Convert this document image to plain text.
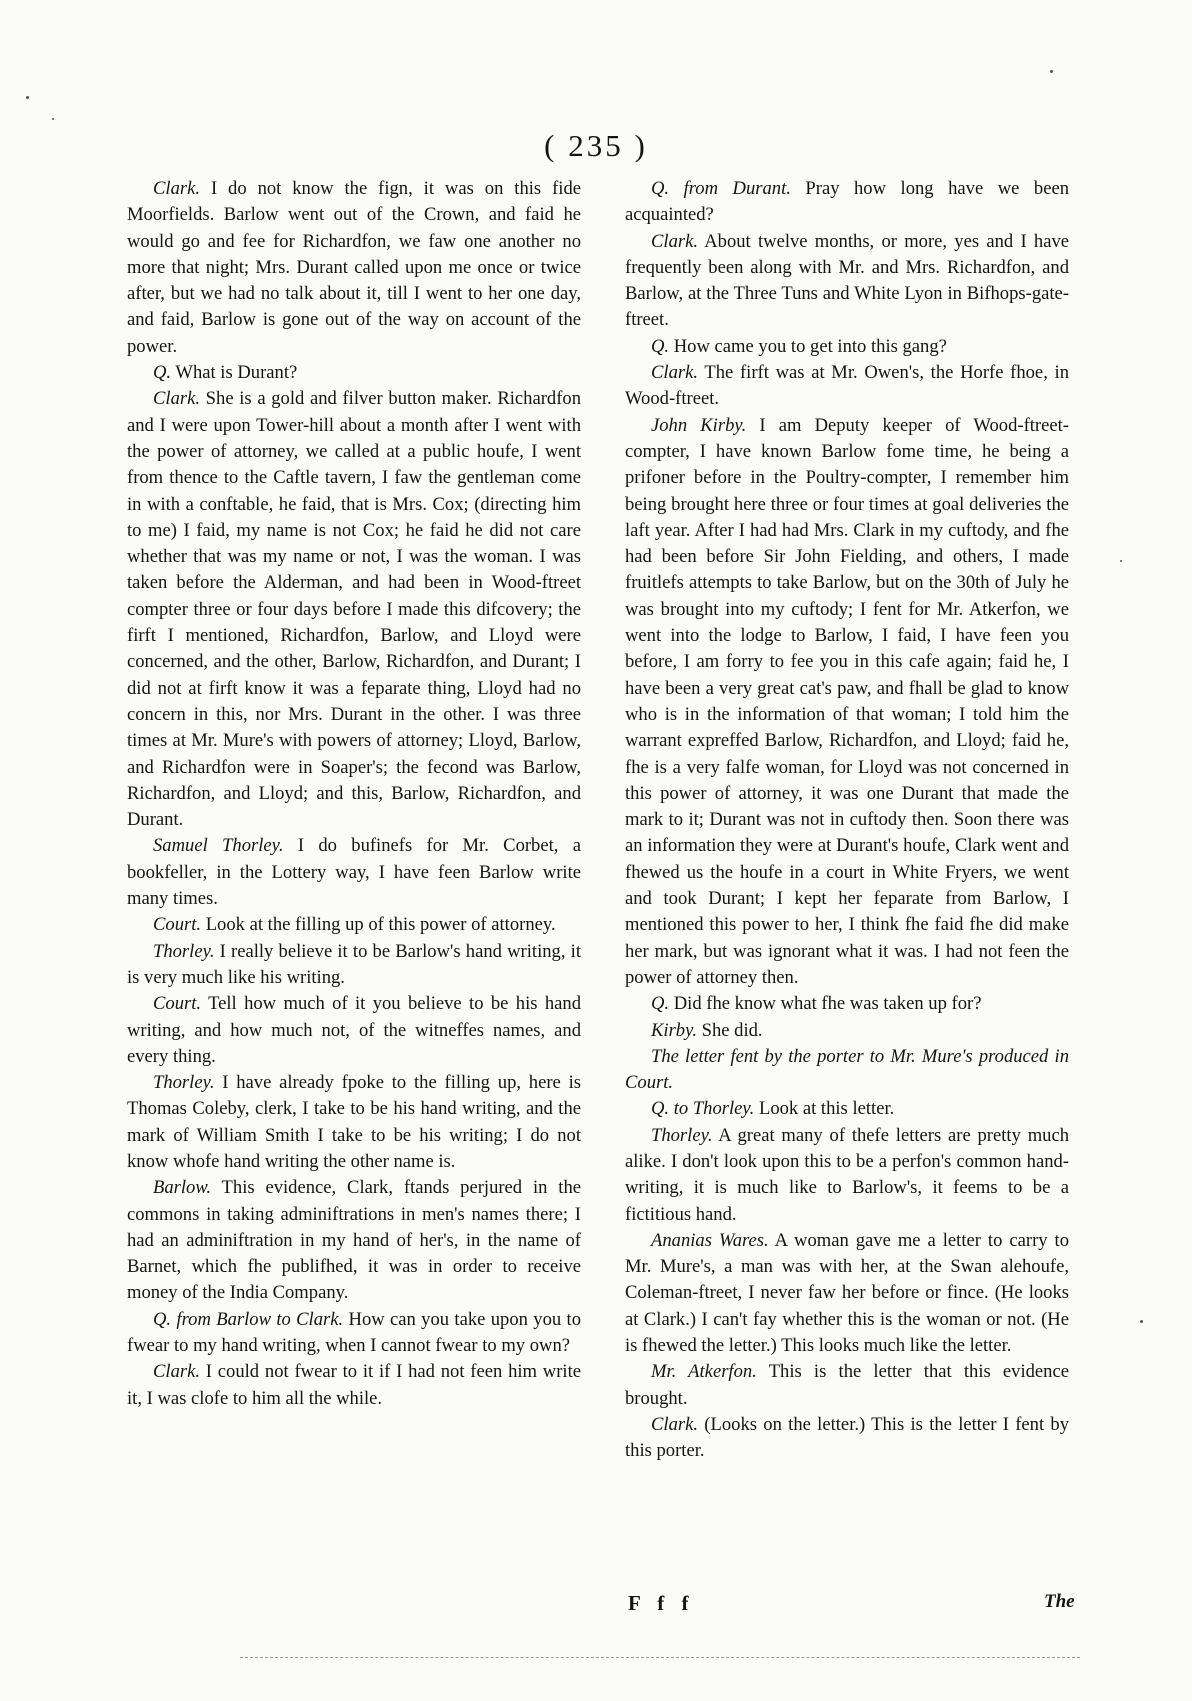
( 235 )

Clark. I do not know the fign, it was on this fide Moorfields. Barlow went out of the Crown, and faid he would go and fee for Richardfon, we faw one another no more that night; Mrs. Durant called upon me once or twice after, but we had no talk about it, till I went to her one day, and faid, Barlow is gone out of the way on account of the power.

Q. What is Durant?

Clark. She is a gold and filver button maker. Richardfon and I were upon Tower-hill about a month after I went with the power of attorney, we called at a public houfe, I went from thence to the Caftle tavern, I faw the gentleman come in with a conftable, he faid, that is Mrs. Cox; (directing him to me) I faid, my name is not Cox; he faid he did not care whether that was my name or not, I was the woman. I was taken before the Alderman, and had been in Wood-ftreet compter three or four days before I made this difcovery; the firft I mentioned, Richardfon, Barlow, and Lloyd were concerned, and the other, Barlow, Richardfon, and Durant; I did not at firft know it was a feparate thing, Lloyd had no concern in this, nor Mrs. Durant in the other. I was three times at Mr. Mure's with powers of attorney; Lloyd, Barlow, and Richardfon were in Soaper's; the fecond was Barlow, Richardfon, and Lloyd; and this, Barlow, Richardfon, and Durant.

Samuel Thorley. I do bufinefs for Mr. Corbet, a bookfeller, in the Lottery way, I have feen Barlow write many times.

Court. Look at the filling up of this power of attorney.

Thorley. I really believe it to be Barlow's hand writing, it is very much like his writing.

Court. Tell how much of it you believe to be his hand writing, and how much not, of the witneffes names, and every thing.

Thorley. I have already fpoke to the filling up, here is Thomas Coleby, clerk, I take to be his hand writing, and the mark of William Smith I take to be his writing; I do not know whofe hand writing the other name is.

Barlow. This evidence, Clark, ftands perjured in the commons in taking adminiftrations in men's names there; I had an adminiftration in my hand of her's, in the name of Barnet, which fhe publifhed, it was in order to receive money of the India Company.

Q. from Barlow to Clark. How can you take upon you to fwear to my hand writing, when I cannot fwear to my own?

Clark. I could not fwear to it if I had not feen him write it, I was clofe to him all the while.

Q. from Durant. Pray how long have we been acquainted?

Clark. About twelve months, or more, yes and I have frequently been along with Mr. and Mrs. Richardfon, and Barlow, at the Three Tuns and White Lyon in Bifhops-gate-ftreet.

Q. How came you to get into this gang?

Clark. The firft was at Mr. Owen's, the Horfe fhoe, in Wood-ftreet.

John Kirby. I am Deputy keeper of Wood-ftreet-compter, I have known Barlow fome time, he being a prifoner before in the Poultry-compter, I remember him being brought here three or four times at goal deliveries the laft year. After I had had Mrs. Clark in my cuftody, and fhe had been before Sir John Fielding, and others, I made fruitlefs attempts to take Barlow, but on the 30th of July he was brought into my cuftody; I fent for Mr. Atkerfon, we went into the lodge to Barlow, I faid, I have feen you before, I am forry to fee you in this cafe again; faid he, I have been a very great cat's paw, and fhall be glad to know who is in the information of that woman; I told him the warrant expreffed Barlow, Richardfon, and Lloyd; faid he, fhe is a very falfe woman, for Lloyd was not concerned in this power of attorney, it was one Durant that made the mark to it; Durant was not in cuftody then. Soon there was an information they were at Durant's houfe, Clark went and fhewed us the houfe in a court in White Fryers, we went and took Durant; I kept her feparate from Barlow, I mentioned this power to her, I think fhe faid fhe did make her mark, but was ignorant what it was. I had not feen the power of attorney then.

Q. Did fhe know what fhe was taken up for?

Kirby. She did.

The letter fent by the porter to Mr. Mure's produced in Court.

Q. to Thorley. Look at this letter.

Thorley. A great many of thefe letters are pretty much alike. I don't look upon this to be a perfon's common hand-writing, it is much like to Barlow's, it feems to be a fictitious hand.

Ananias Wares. A woman gave me a letter to carry to Mr. Mure's, a man was with her, at the Swan alehoufe, Coleman-ftreet, I never faw her before or fince. (He looks at Clark.) I can't fay whether this is the woman or not. (He is fhewed the letter.) This looks much like the letter.

Mr. Atkerfon. This is the letter that this evidence brought.

Clark. (Looks on the letter.) This is the letter I fent by this porter.

F f f	The
